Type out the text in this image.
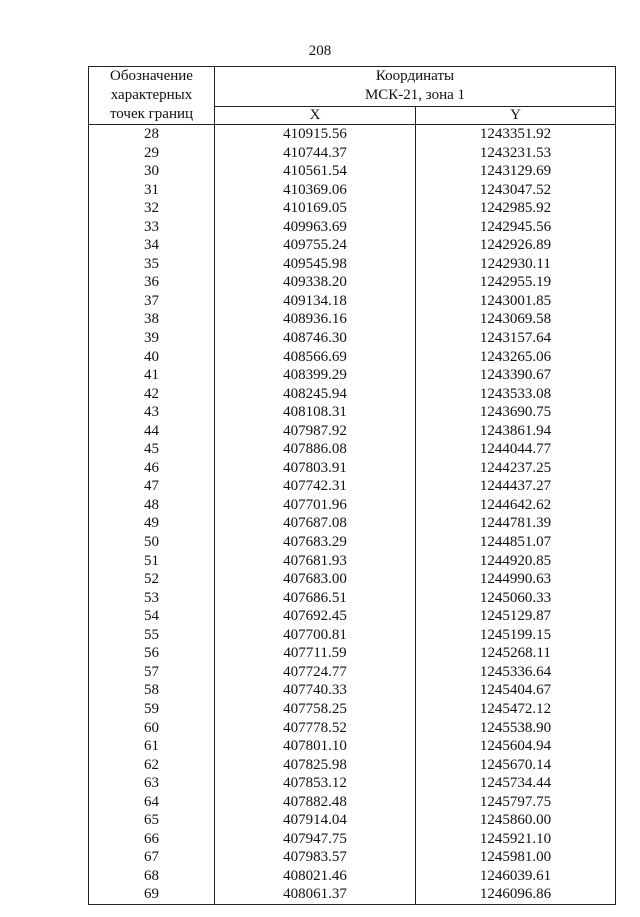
208
Обозначение
характерных
точек границ	Координаты
МСК-21, зона 1	

	X	Y
28	410915.56	1243351.92
29	410744.37	1243231.53
30	410561.54	1243129.69
31	410369.06	1243047.52
32	410169.05	1242985.92
33	409963.69	1242945.56
34	409755.24	1242926.89
35	409545.98	1242930.11
36	409338.20	1242955.19
37	409134.18	1243001.85
38	408936.16	1243069.58
39	408746.30	1243157.64
40	408566.69	1243265.06
41	408399.29	1243390.67
42	408245.94	1243533.08
43	408108.31	1243690.75
44	407987.92	1243861.94
45	407886.08	1244044.77
46	407803.91	1244237.25
47	407742.31	1244437.27
48	407701.96	1244642.62
49	407687.08	1244781.39
50	407683.29	1244851.07
51	407681.93	1244920.85
52	407683.00	1244990.63
53	407686.51	1245060.33
54	407692.45	1245129.87
55	407700.81	1245199.15
56	407711.59	1245268.11
57	407724.77	1245336.64
58	407740.33	1245404.67
59	407758.25	1245472.12
60	407778.52	1245538.90
61	407801.10	1245604.94
62	407825.98	1245670.14
63	407853.12	1245734.44
64	407882.48	1245797.75
65	407914.04	1245860.00
66	407947.75	1245921.10
67	407983.57	1245981.00
68	408021.46	1246039.61
69	408061.37	1246096.86
